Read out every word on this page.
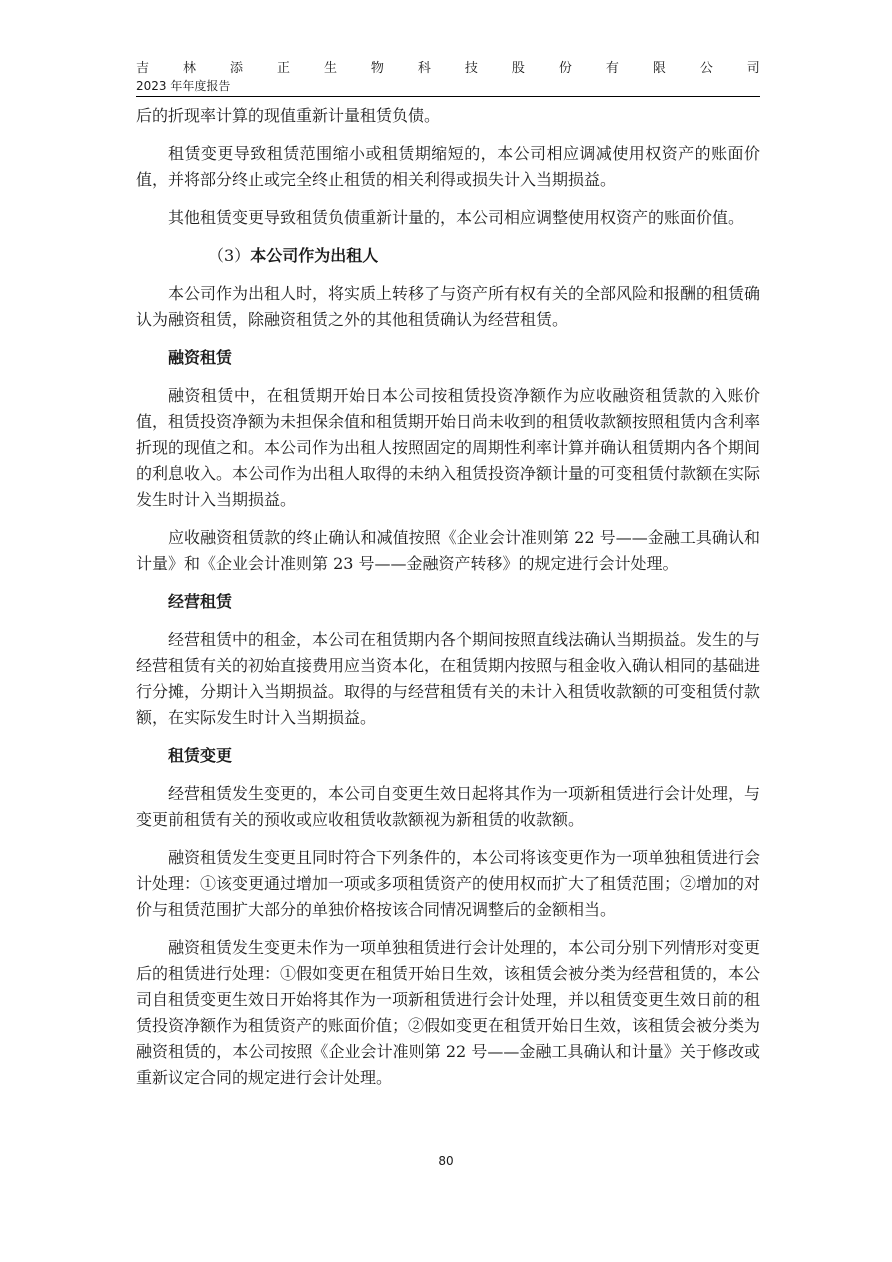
吉	林	添	正	生	物	科	技	股	份	有	限	公	司
2023 年年度报告

后的折现率计算的现值重新计量租赁负债。

租赁变更导致租赁范围缩小或租赁期缩短的，本公司相应调减使用权资产的账面价值，并将部分终止或完全终止租赁的相关利得或损失计入当期损益。

其他租赁变更导致租赁负债重新计量的，本公司相应调整使用权资产的账面价值。

（3）本公司作为出租人

本公司作为出租人时，将实质上转移了与资产所有权有关的全部风险和报酬的租赁确认为融资租赁，除融资租赁之外的其他租赁确认为经营租赁。

融资租赁

融资租赁中，在租赁期开始日本公司按租赁投资净额作为应收融资租赁款的入账价值，租赁投资净额为未担保余值和租赁期开始日尚未收到的租赁收款额按照租赁内含利率折现的现值之和。本公司作为出租人按照固定的周期性利率计算并确认租赁期内各个期间的利息收入。本公司作为出租人取得的未纳入租赁投资净额计量的可变租赁付款额在实际发生时计入当期损益。

应收融资租赁款的终止确认和减值按照《企业会计准则第 22 号——金融工具确认和计量》和《企业会计准则第 23 号——金融资产转移》的规定进行会计处理。

经营租赁

经营租赁中的租金，本公司在租赁期内各个期间按照直线法确认当期损益。发生的与经营租赁有关的初始直接费用应当资本化，在租赁期内按照与租金收入确认相同的基础进行分摊，分期计入当期损益。取得的与经营租赁有关的未计入租赁收款额的可变租赁付款额，在实际发生时计入当期损益。

租赁变更

经营租赁发生变更的，本公司自变更生效日起将其作为一项新租赁进行会计处理，与变更前租赁有关的预收或应收租赁收款额视为新租赁的收款额。

融资租赁发生变更且同时符合下列条件的，本公司将该变更作为一项单独租赁进行会计处理：①该变更通过增加一项或多项租赁资产的使用权而扩大了租赁范围；②增加的对价与租赁范围扩大部分的单独价格按该合同情况调整后的金额相当。

融资租赁发生变更未作为一项单独租赁进行会计处理的，本公司分别下列情形对变更后的租赁进行处理：①假如变更在租赁开始日生效，该租赁会被分类为经营租赁的，本公司自租赁变更生效日开始将其作为一项新租赁进行会计处理，并以租赁变更生效日前的租赁投资净额作为租赁资产的账面价值；②假如变更在租赁开始日生效，该租赁会被分类为融资租赁的，本公司按照《企业会计准则第 22 号——金融工具确认和计量》关于修改或重新议定合同的规定进行会计处理。

80
